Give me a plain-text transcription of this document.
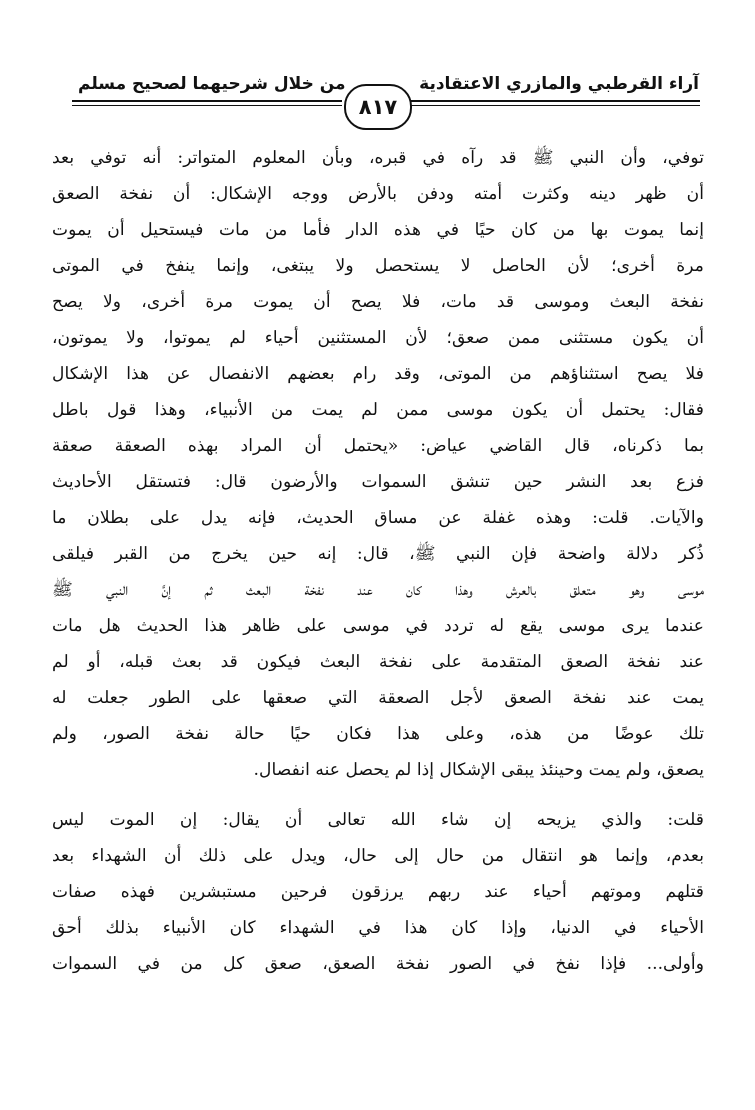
آراء القرطبي والمازري الاعتقادية
من خلال شرحيهما لصحيح مسلم
٨١٧
توفي، وأن النبي ﷺ قد رآه في قبره، وبأن المعلوم المتواتر: أنه توفي بعد
أن ظهر دينه وكثرت أمته ودفن بالأرض ووجه الإشكال: أن نفخة الصعق
إنما يموت بها من كان حيًا في هذه الدار فأما من مات فيستحيل أن يموت
مرة أخرى؛ لأن الحاصل لا يستحصل ولا يبتغى، وإنما ينفخ في الموتى
نفخة البعث وموسى قد مات، فلا يصح أن يموت مرة أخرى، ولا يصح
أن يكون مستثنى ممن صعق؛ لأن المستثنين أحياء لم يموتوا، ولا يموتون،
فلا يصح استثناؤهم من الموتى، وقد رام بعضهم الانفصال عن هذا الإشكال
فقال: يحتمل أن يكون موسى ممن لم يمت من الأنبياء، وهذا قول باطل
بما ذكرناه، قال القاضي عياض: «يحتمل أن المراد بهذه الصعقة صعقة
فزع بعد النشر حين تنشق السموات والأرضون قال: فتستقل الأحاديث
والآيات. قلت: وهذه غفلة عن مساق الحديث، فإنه يدل على بطلان ما
ذُكر دلالة واضحة فإن النبي ﷺ، قال: إنه حين يخرج من القبر فيلقى
موسى وهو متعلق بالعرش وهذا كان عند نفخة البعث ثم إنَّ النبي ﷺ
عندما يرى موسى يقع له تردد في موسى على ظاهر هذا الحديث هل مات
عند نفخة الصعق المتقدمة على نفخة البعث فيكون قد بعث قبله، أو لم
يمت عند نفخة الصعق لأجل الصعقة التي صعقها على الطور جعلت له
تلك عوضًا من هذه، وعلى هذا فكان حيًا حالة نفخة الصور، ولم
يصعق، ولم يمت وحينئذ يبقى الإشكال إذا لم يحصل عنه انفصال.
قلت: والذي يزيحه إن شاء الله تعالى أن يقال: إن الموت ليس
بعدم، وإنما هو انتقال من حال إلى حال، ويدل على ذلك أن الشهداء بعد
قتلهم وموتهم أحياء عند ربهم يرزقون فرحين مستبشرين فهذه صفات
الأحياء في الدنيا، وإذا كان هذا في الشهداء كان الأنبياء بذلك أحق
وأولى... فإذا نفخ في الصور نفخة الصعق، صعق كل من في السموات
